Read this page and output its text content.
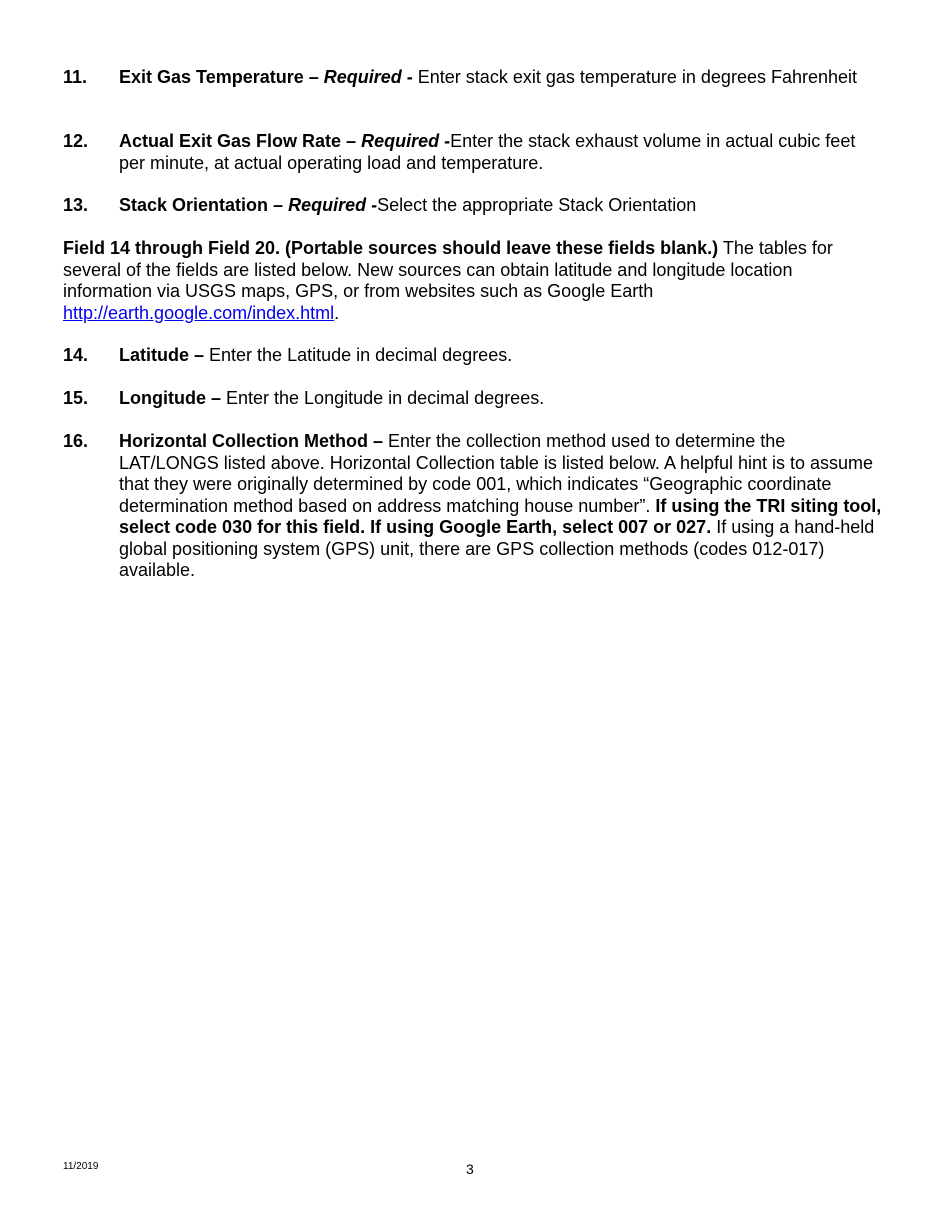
11. Exit Gas Temperature – Required - Enter stack exit gas temperature in degrees Fahrenheit
12. Actual Exit Gas Flow Rate – Required -Enter the stack exhaust volume in actual cubic feet per minute, at actual operating load and temperature.
13. Stack Orientation – Required -Select the appropriate Stack Orientation
Field 14 through Field 20. (Portable sources should leave these fields blank.) The tables for several of the fields are listed below. New sources can obtain latitude and longitude location information via USGS maps, GPS, or from websites such as Google Earth http://earth.google.com/index.html.
14. Latitude – Enter the Latitude in decimal degrees.
15. Longitude – Enter the Longitude in decimal degrees.
16. Horizontal Collection Method – Enter the collection method used to determine the LAT/LONGS listed above. Horizontal Collection table is listed below. A helpful hint is to assume that they were originally determined by code 001, which indicates “Geographic coordinate determination method based on address matching house number”. If using the TRI siting tool, select code 030 for this field. If using Google Earth, select 007 or 027. If using a hand-held global positioning system (GPS) unit, there are GPS collection methods (codes 012-017) available.
11/2019	3
